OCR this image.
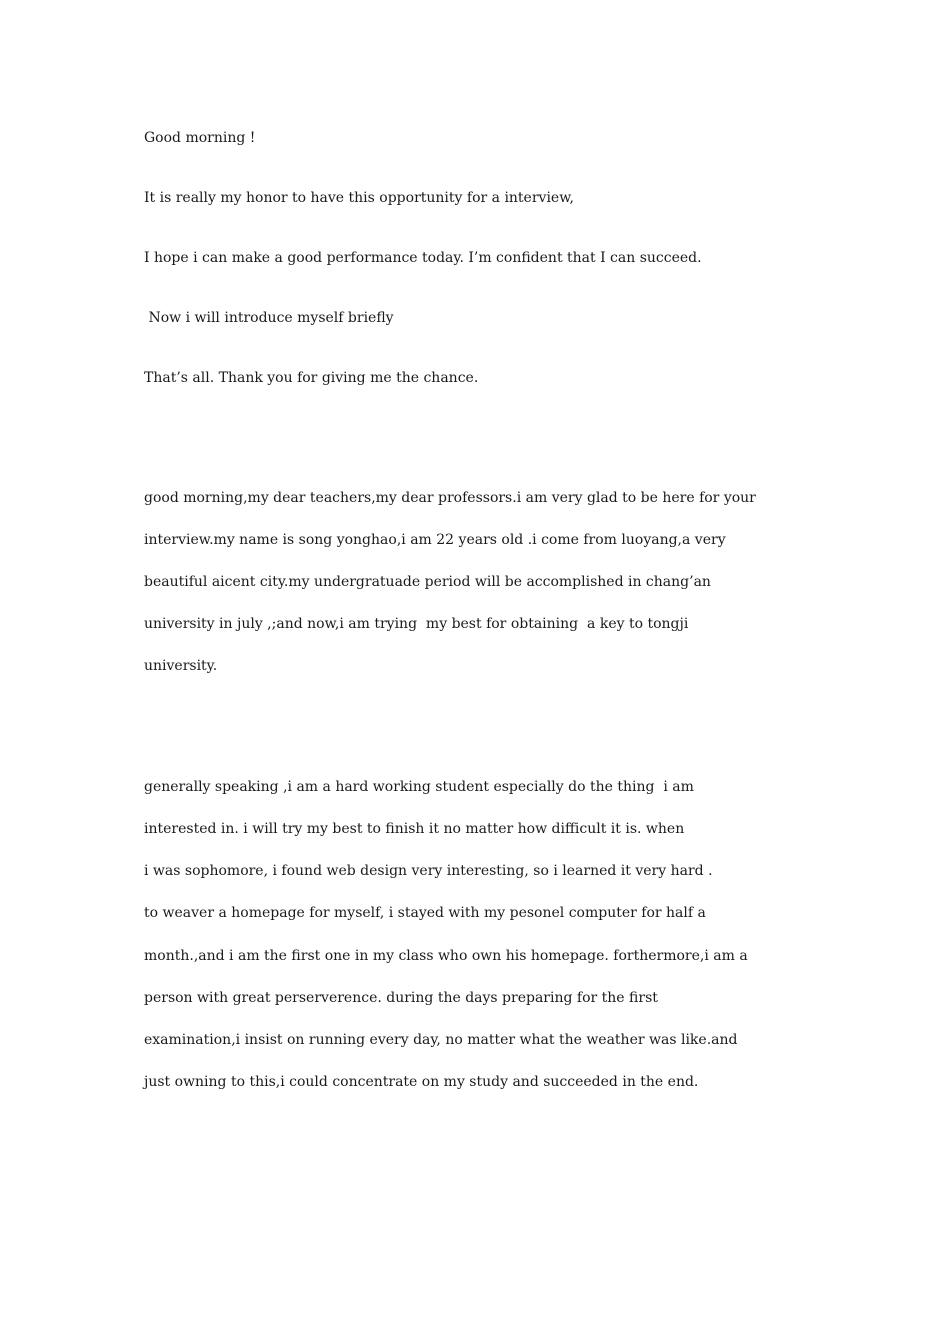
Good morning !

It is really my honor to have this opportunity for a interview,

I hope i can make a good performance today. I’m confident that I can succeed.

Now i will introduce myself briefly

That’s all. Thank you for giving me the chance.

good morning,my dear teachers,my dear professors.i am very glad to be here for your

interview.my name is song yonghao,i am 22 years old .i come from luoyang,a very

beautiful aicent city.my undergratuade period will be accomplished in chang’an

university in july ,;and now,i am trying  my best for obtaining  a key to tongji

university.

generally speaking ,i am a hard working student especially do the thing  i am

interested in. i will try my best to finish it no matter how difficult it is. when

i was sophomore, i found web design very interesting, so i learned it very hard .

to weaver a homepage for myself, i stayed with my pesonel computer for half a

month.,and i am the first one in my class who own his homepage. forthermore,i am a

person with great perserverence. during the days preparing for the first

examination,i insist on running every day, no matter what the weather was like.and

just owning to this,i could concentrate on my study and succeeded in the end.
